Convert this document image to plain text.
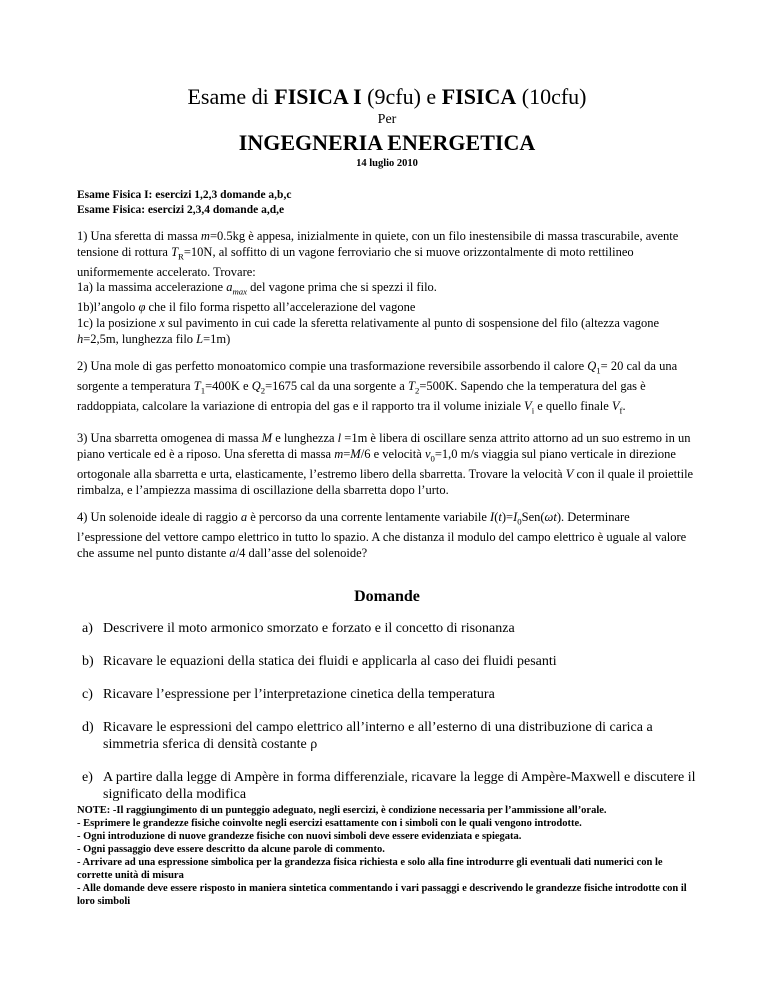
Esame di FISICA I (9cfu) e FISICA (10cfu)
Per
INGEGNERIA ENERGETICA
14 luglio 2010
Esame Fisica I: esercizi 1,2,3 domande a,b,c
Esame Fisica: esercizi 2,3,4 domande a,d,e

1) Una sferetta di massa m=0.5kg è appesa, inizialmente in quiete, con un filo inestensibile di massa trascurabile, avente tensione di rottura $T_R=10N$, al soffitto di un vagone ferroviario che si muove orizzontalmente di moto rettilineo uniformemente accelerato. Trovare:

1a) la massima accelerazione $a_{max}$ del vagone prima che si spezzi il filo.

1b)l’angolo φ che il filo forma rispetto all’accelerazione del vagone

1c) la posizione x sul pavimento in cui cade la sferetta relativamente al punto di sospensione del filo (altezza vagone h=2,5m, lunghezza filo L=1m)

2) Una mole di gas perfetto monoatomico compie una trasformazione reversibile assorbendo il calore $Q_1= 20$ cal da una sorgente a temperatura $T_1=400K$ e $Q_2=1675$ cal da una sorgente a $T_2=500K$. Sapendo che la temperatura del gas è raddoppiata, calcolare la variazione di entropia del gas e il rapporto tra il volume iniziale $V_i$ e quello finale $V_f$.

3) Una sbarretta omogenea di massa M e lunghezza l =1m è libera di oscillare senza attrito attorno ad un suo estremo in un piano verticale ed è a riposo. Una sferetta di massa m=M/6 e velocità $v_0=1,0$ m/s viaggia sul piano verticale in direzione ortogonale alla sbarretta e urta, elasticamente, l’estremo libero della sbarretta. Trovare la velocità V con il quale il proiettile rimbalza, e l’ampiezza massima di oscillazione della sbarretta dopo l’urto.

4) Un solenoide ideale di raggio a è percorso da una corrente lentamente variabile $I(t)=I_0Sen(\omega t)$. Determinare l’espressione del vettore campo elettrico in tutto lo spazio. A che distanza il modulo del campo elettrico è uguale al valore che assume nel punto distante a/4 dall’asse del solenoide?

Domande
a) Descrivere il moto armonico smorzato e forzato e il concetto di risonanza
b) Ricavare le equazioni della statica dei fluidi e applicarla al caso dei fluidi pesanti
c) Ricavare l’espressione per l’interpretazione cinetica della temperatura
d) Ricavare le espressioni del campo elettrico all’interno e all’esterno di una distribuzione di carica a simmetria sferica di densità costante ρ
e) A partire dalla legge di Ampère in forma differenziale, ricavare la legge di Ampère-Maxwell e discutere il significato della modifica
NOTE: -Il raggiungimento di un punteggio adeguato, negli esercizi, è condizione necessaria per l’ammissione all’orale.
- Esprimere le grandezze fisiche coinvolte negli esercizi esattamente con i simboli con le quali vengono introdotte.
- Ogni introduzione di nuove grandezze fisiche con nuovi simboli deve essere evidenziata e spiegata.
- Ogni passaggio deve essere descritto da alcune parole di commento.
- Arrivare ad una espressione simbolica per la grandezza fisica richiesta e solo alla fine introdurre gli eventuali dati numerici con le corrette unità di misura
- Alle domande deve essere risposto in maniera sintetica commentando i vari passaggi e descrivendo le grandezze fisiche introdotte con il loro simboli
